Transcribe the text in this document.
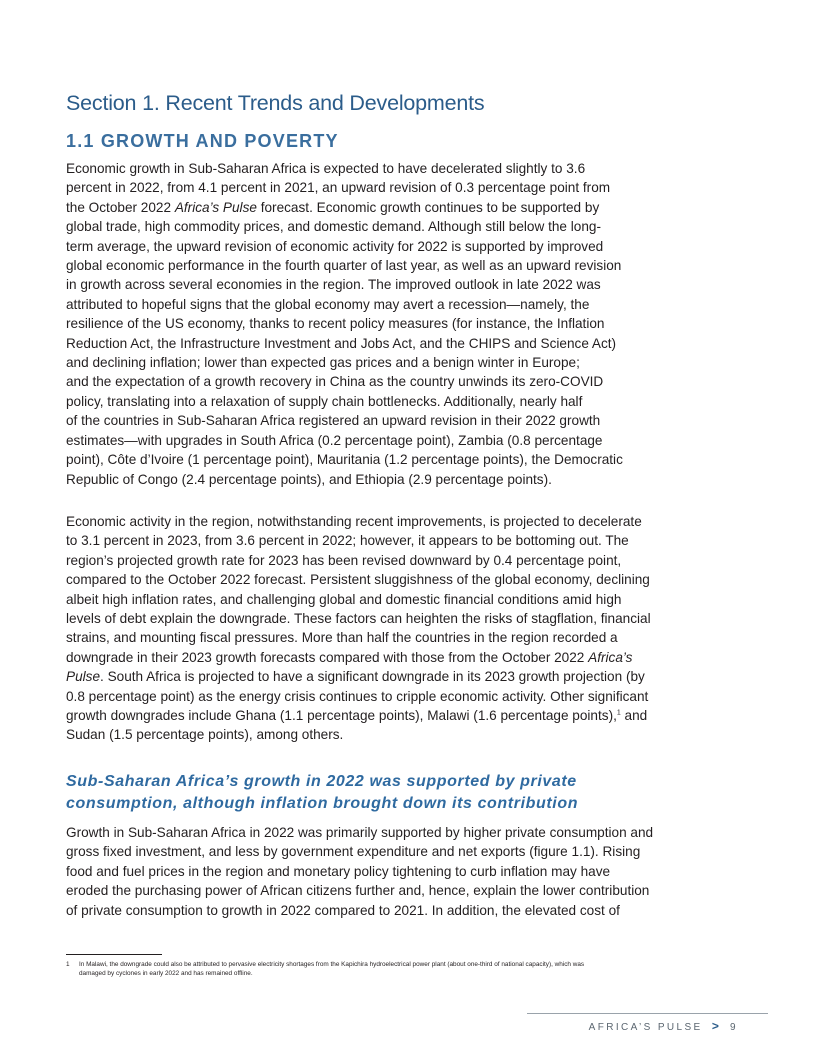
Section 1. Recent Trends and Developments
1.1 GROWTH AND POVERTY

Economic growth in Sub-Saharan Africa is expected to have decelerated slightly to 3.6
percent in 2022, from 4.1 percent in 2021, an upward revision of 0.3 percentage point from
the October 2022 Africa’s Pulse forecast. Economic growth continues to be supported by
global trade, high commodity prices, and domestic demand. Although still below the long-
term average, the upward revision of economic activity for 2022 is supported by improved
global economic performance in the fourth quarter of last year, as well as an upward revision
in growth across several economies in the region. The improved outlook in late 2022 was
attributed to hopeful signs that the global economy may avert a recession—namely, the
resilience of the US economy, thanks to recent policy measures (for instance, the Inflation
Reduction Act, the Infrastructure Investment and Jobs Act, and the CHIPS and Science Act)
and declining inflation; lower than expected gas prices and a benign winter in Europe;
and the expectation of a growth recovery in China as the country unwinds its zero-COVID
policy, translating into a relaxation of supply chain bottlenecks. Additionally, nearly half
of the countries in Sub-Saharan Africa registered an upward revision in their 2022 growth
estimates—with upgrades in South Africa (0.2 percentage point), Zambia (0.8 percentage
point), Côte d’Ivoire (1 percentage point), Mauritania (1.2 percentage points), the Democratic
Republic of Congo (2.4 percentage points), and Ethiopia (2.9 percentage points).

Economic activity in the region, notwithstanding recent improvements, is projected to decelerate
to 3.1 percent in 2023, from 3.6 percent in 2022; however, it appears to be bottoming out. The
region’s projected growth rate for 2023 has been revised downward by 0.4 percentage point,
compared to the October 2022 forecast. Persistent sluggishness of the global economy, declining
albeit high inflation rates, and challenging global and domestic financial conditions amid high
levels of debt explain the downgrade. These factors can heighten the risks of stagflation, financial
strains, and mounting fiscal pressures. More than half the countries in the region recorded a
downgrade in their 2023 growth forecasts compared with those from the October 2022 Africa’s
Pulse. South Africa is projected to have a significant downgrade in its 2023 growth projection (by
0.8 percentage point) as the energy crisis continues to cripple economic activity. Other significant
growth downgrades include Ghana (1.1 percentage points), Malawi (1.6 percentage points),$^1$ and
Sudan (1.5 percentage points), among others.

Sub-Saharan Africa’s growth in 2022 was supported by private
consumption, although inflation brought down its contribution

Growth in Sub-Saharan Africa in 2022 was primarily supported by higher private consumption and
gross fixed investment, and less by government expenditure and net exports (figure 1.1). Rising
food and fuel prices in the region and monetary policy tightening to curb inflation may have
eroded the purchasing power of African citizens further and, hence, explain the lower contribution
of private consumption to growth in 2022 compared to 2021. In addition, the elevated cost of

1 In Malawi, the downgrade could also be attributed to pervasive electricity shortages from the Kapichira hydroelectrical power plant (about one-third of national capacity), which was
damaged by cyclones in early 2022 and has remained offline.
AFRICA’S PULSE > 9
